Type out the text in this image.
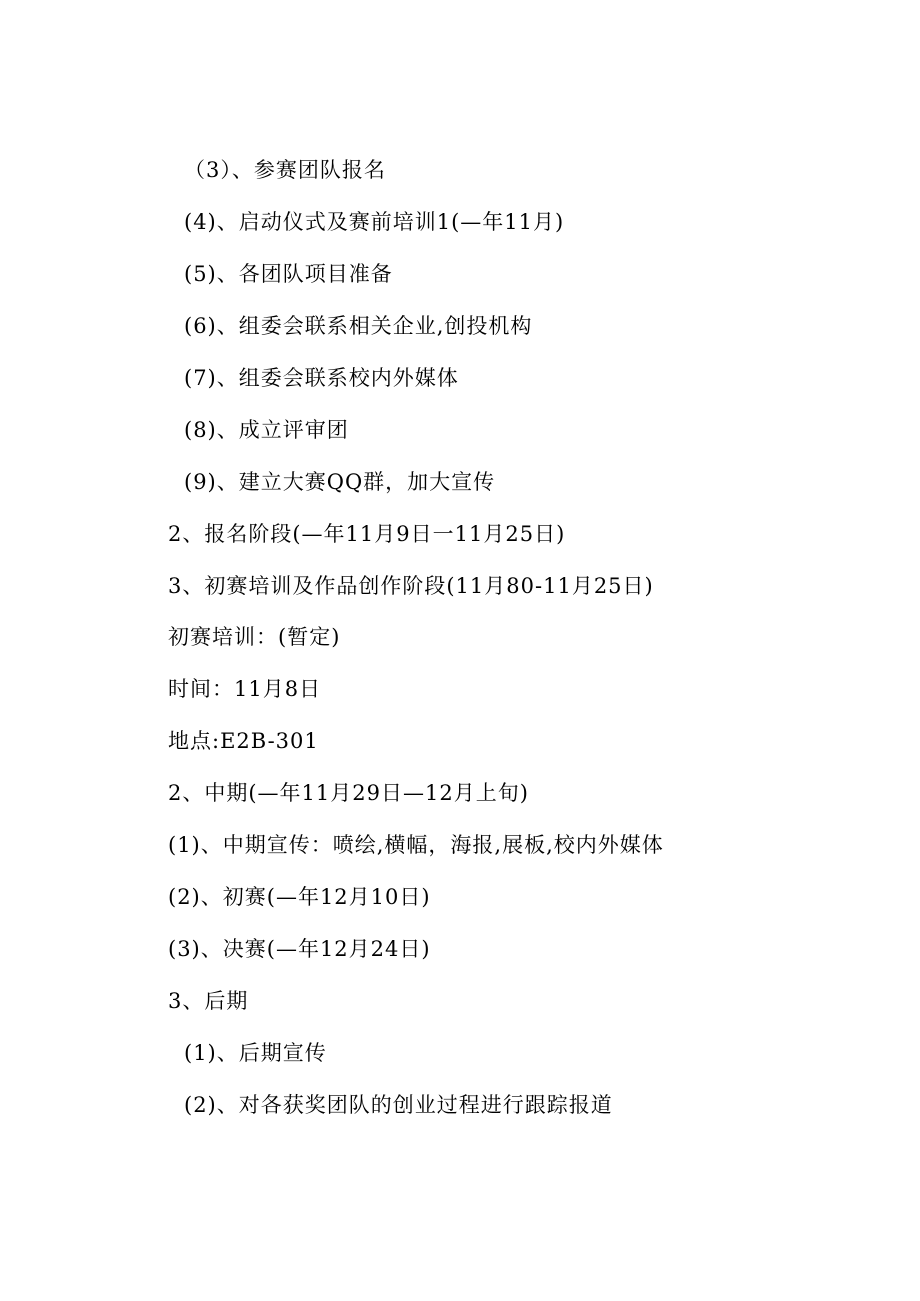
（3）、参赛团队报名
(4)、启动仪式及赛前培训1(—年11月)
(5)、各团队项目准备
(6)、组委会联系相关企业,创投机构
(7)、组委会联系校内外媒体
(8)、成立评审团
(9)、建立大赛QQ群，加大宣传
2、报名阶段(—年11月9日一11月25日)
3、初赛培训及作品创作阶段(11月80-11月25日)
初赛培训：(暂定)
时间：11月8日
地点:E2B-301
2、中期(—年11月29日—12月上旬)
(1)、中期宣传：喷绘,横幅，海报,展板,校内外媒体
(2)、初赛(—年12月10日)
(3)、决赛(—年12月24日)
3、后期
(1)、后期宣传
(2)、对各获奖团队的创业过程进行跟踪报道
